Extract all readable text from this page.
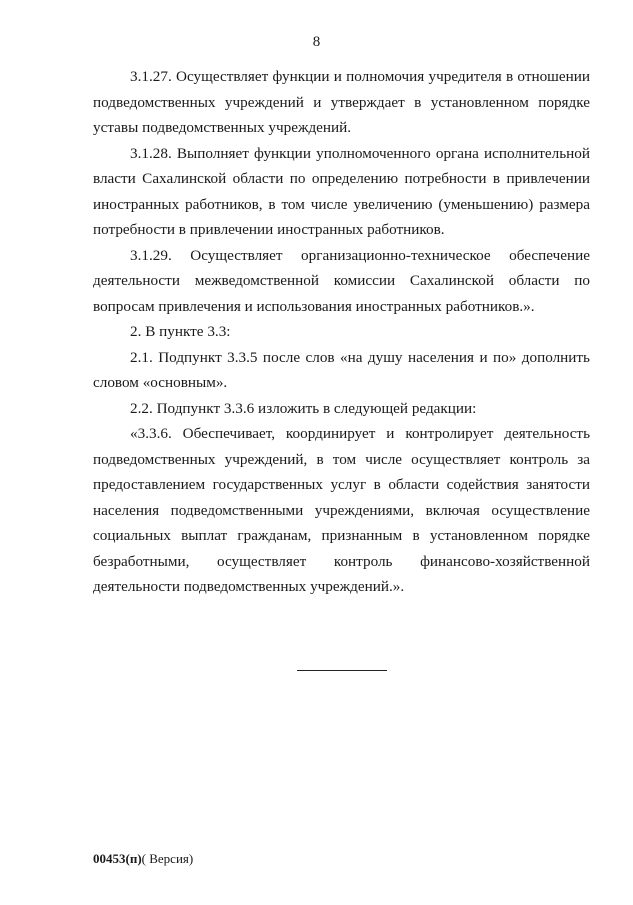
8

3.1.27. Осуществляет функции и полномочия учредителя в отношении подведомственных учреждений и утверждает в установленном порядке уставы подведомственных учреждений.

3.1.28. Выполняет функции уполномоченного органа исполнительной власти Сахалинской области по определению потребности в привлечении иностранных работников, в том числе увеличению (уменьшению) размера потребности в привлечении иностранных работников.

3.1.29. Осуществляет организационно-техническое обеспечение деятельности межведомственной комиссии Сахалинской области по вопросам привлечения и использования иностранных работников.».

2. В пункте 3.3:

2.1. Подпункт 3.3.5 после слов «на душу населения и по» дополнить словом «основным».

2.2. Подпункт 3.3.6 изложить в следующей редакции:

«3.3.6. Обеспечивает, координирует и контролирует деятельность подведомственных учреждений, в том числе осуществляет контроль за предоставлением государственных услуг в области содействия занятости населения подведомственными учреждениями, включая осуществление социальных выплат гражданам, признанным в установленном порядке безработными, осуществляет контроль финансово-хозяйственной деятельности подведомственных учреждений.».

00453(п)( Версия)
